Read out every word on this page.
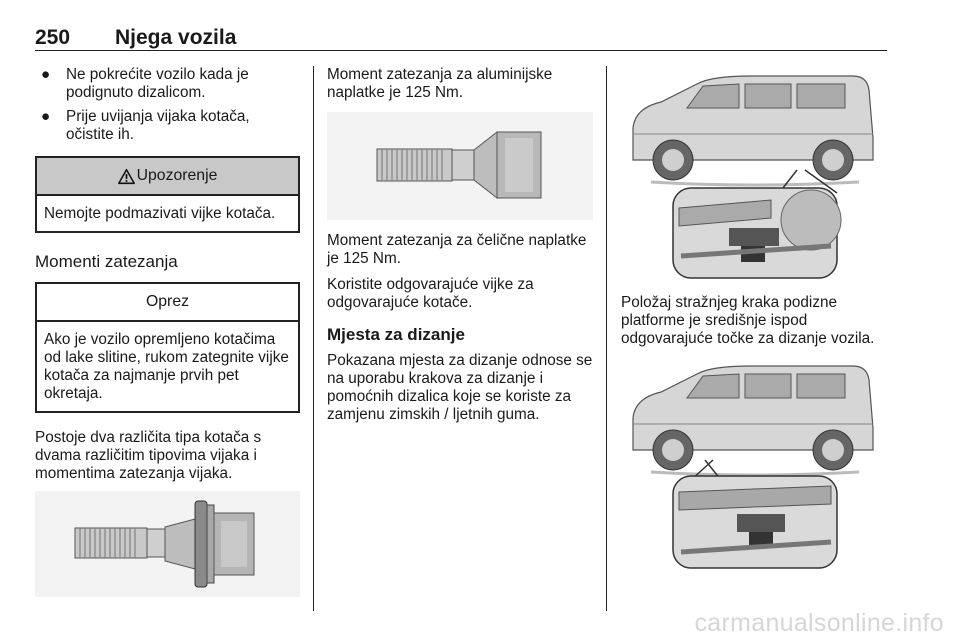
250 Njega vozila
● Ne pokrećite vozilo kada je podignuto dizalicom.
● Prije uvijanja vijaka kotača, očistite ih.
Upozorenje
Nemojte podmazivati vijke kotača.
Momenti zatezanja
Oprez
Ako je vozilo opremljeno kotačima od lake slitine, rukom zategnite vijke kotača za najmanje prvih pet okretaja.

Postoje dva različita tipa kotača s dvama različitim tipovima vijaka i momentima zatezanja vijaka.

Moment zatezanja za aluminijske naplatke je 125 Nm.

Moment zatezanja za čelične naplatke je 125 Nm.

Koristite odgovarajuće vijke za odgovarajuće kotače.

Mjesta za dizanje

Pokazana mjesta za dizanje odnose se na uporabu krakova za dizanje i pomoćnih dizalica koje se koriste za zamjenu zimskih / ljetnih guma.

Položaj stražnjeg kraka podizne platforme je središnje ispod odgovarajuće točke za dizanje vozila.

carmanualsonline.info
